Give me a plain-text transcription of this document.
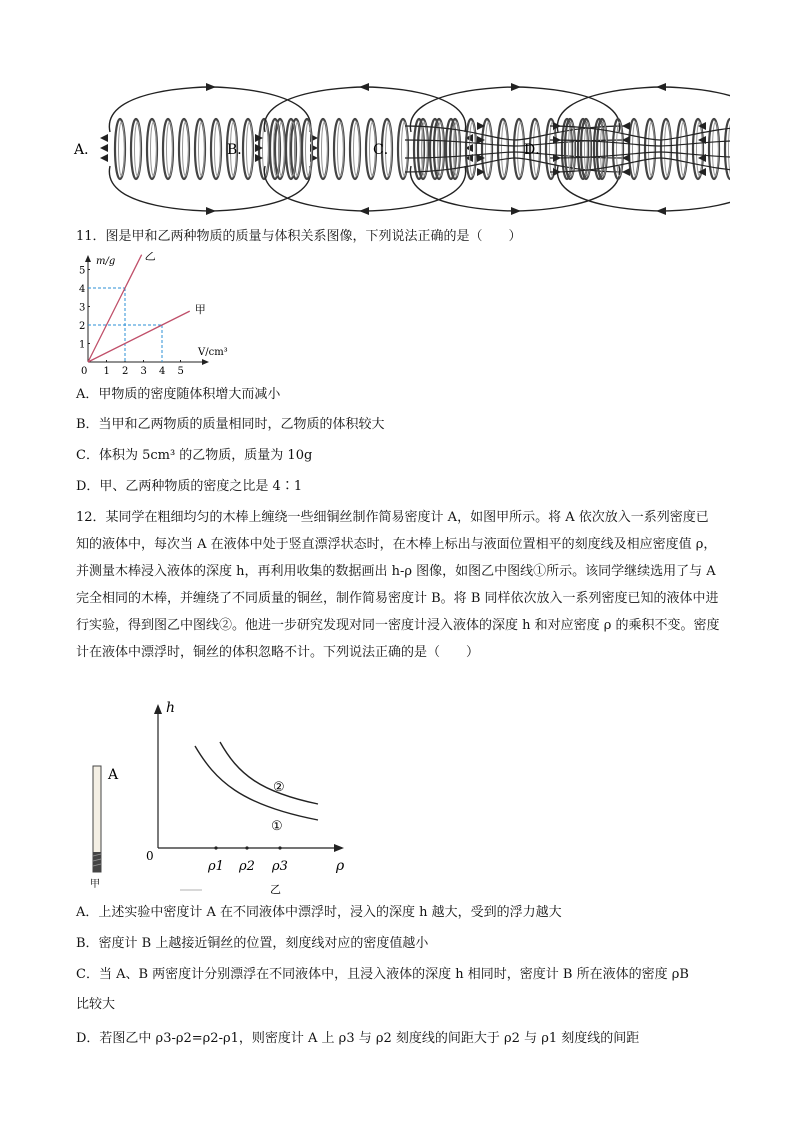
A．	B．	C．	D．
11．图是甲和乙两种物质的质量与体积关系图像，下列说法正确的是（　　）
m/g
V/cm³
0 1 2 3 4 5
1
2
3
4
5
乙
甲
A．甲物质的密度随体积增大而减小
B．当甲和乙两物质的质量相同时，乙物质的体积较大
C．体积为 5cm³ 的乙物质，质量为 10g
D．甲、乙两种物质的密度之比是 4∶1
12．某同学在粗细均匀的木棒上缠绕一些细铜丝制作简易密度计 A，如图甲所示。将 A 依次放入一系列密度已知的液体中，每次当 A 在液体中处于竖直漂浮状态时，在木棒上标出与液面位置相平的刻度线及相应密度值 ρ，并测量木棒浸入液体的深度 h，再利用收集的数据画出 h-ρ 图像，如图乙中图线①所示。该同学继续选用了与 A 完全相同的木棒，并缠绕了不同质量的铜丝，制作简易密度计 B。将 B 同样依次放入一系列密度已知的液体中进行实验，得到图乙中图线②。他进一步研究发现对同一密度计浸入液体的深度 h 和对应密度 ρ 的乘积不变。密度计在液体中漂浮时，铜丝的体积忽略不计。下列说法正确的是（　　）
A
甲
h
ρ
0
②
①
ρ1 ρ2 ρ3
乙
A．上述实验中密度计 A 在不同液体中漂浮时，浸入的深度 h 越大，受到的浮力越大
B．密度计 B 上越接近铜丝的位置，刻度线对应的密度值越小
C．当 A、B 两密度计分别漂浮在不同液体中，且浸入液体的深度 h 相同时，密度计 B 所在液体的密度 ρB
比较大
D．若图乙中 ρ3-ρ2=ρ2-ρ1，则密度计 A 上 ρ3 与 ρ2 刻度线的间距大于 ρ2 与 ρ1 刻度线的间距
